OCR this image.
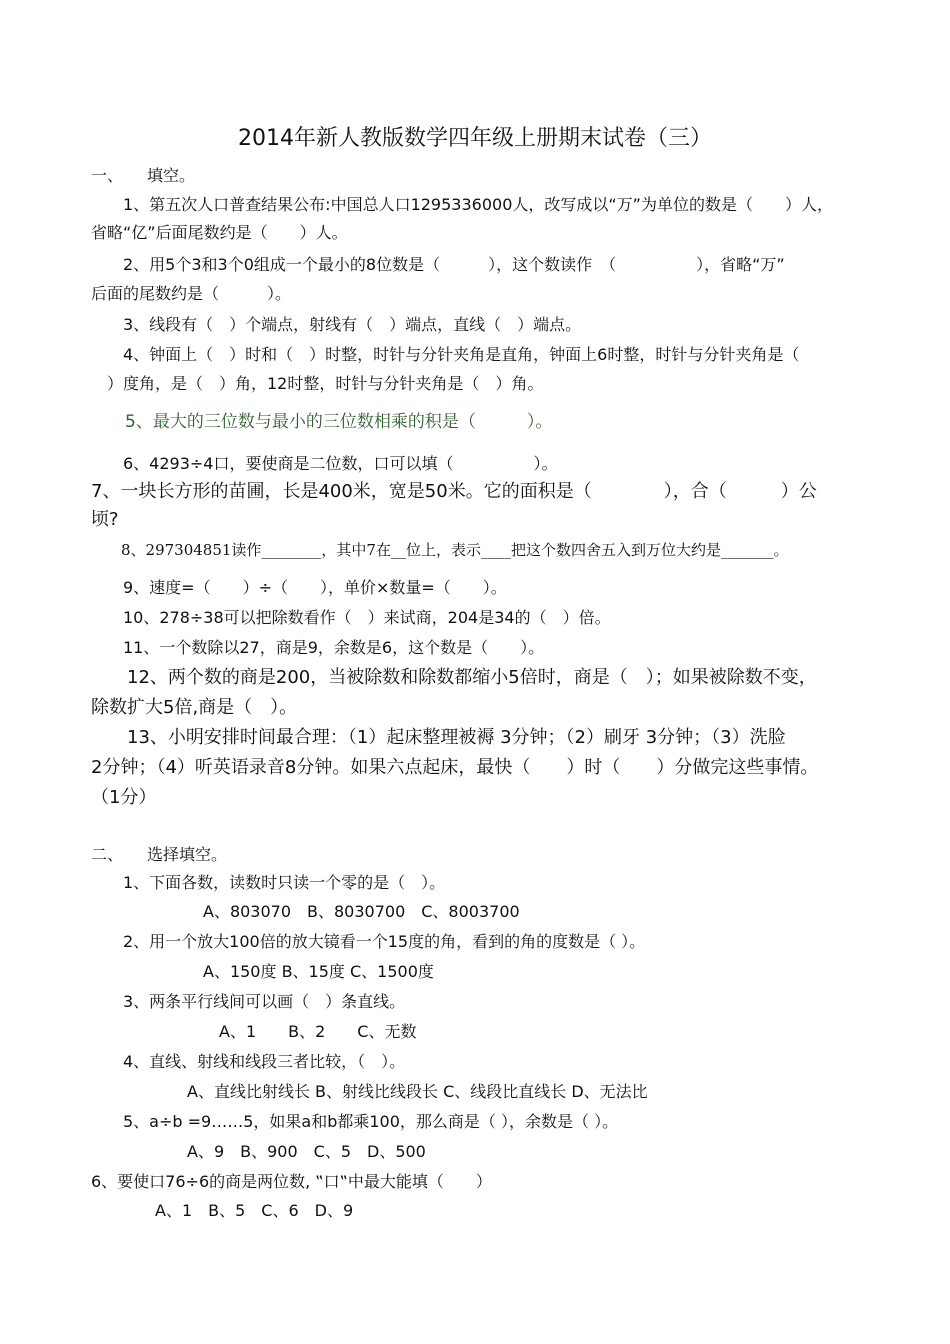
2014年新人教版数学四年级上册期末试卷（三）
一、　　填空。
　　1、第五次人口普查结果公布:中国总人口1295336000人，改写成以“万”为单位的数是（　　）人，
省略“亿”后面尾数约是（　　）人。
　　2、用5个3和3个0组成一个最小的8位数是（　　　），这个数读作　（　　　　　），省略“万”
后面的尾数约是（　　　）。
　　3、线段有（　）个端点，射线有（　）端点，直线（　）端点。
　　4、钟面上（　）时和（　）时整，时针与分针夹角是直角，钟面上6时整，时针与分针夹角是（
　）度角，是（　）角，12时整，时针与分针夹角是（　）角。
　　5、最大的三位数与最小的三位数相乘的积是（　　　）。
　　6、4293÷4口，要使商是二位数，口可以填（　　　　　）。
7、一块长方形的苗圃，长是400米，宽是50米。它的面积是（　　　　），合（　　　）公
顷?
　　8、297304851读作________，其中7在__位上，表示____把这个数四舍五入到万位大约是_______。
　　9、速度=（　　）÷（　　），单价×数量=（　　）。
　　10、278÷38可以把除数看作（　）来试商，204是34的（　）倍。
　　11、一个数除以27，商是9，余数是6，这个数是（　　）。
　　12、两个数的商是200，当被除数和除数都缩小5倍时，商是（　）；如果被除数不变，
除数扩大5倍,商是（　）。
　　13、小明安排时间最合理：（1）起床整理被褥 3分钟；（2）刷牙 3分钟；（3）洗脸
2分钟；（4）听英语录音8分钟。如果六点起床，最快（　　）时（　　）分做完这些事情。
（1分）
二、　　选择填空。
　　1、下面各数，读数时只读一个零的是（　）。
　　　　　　　A、803070　B、8030700　C、8003700
　　2、用一个放大100倍的放大镜看一个15度的角，看到的角的度数是（ ）。
　　　　　　　A、150度 B、15度 C、1500度
　　3、两条平行线间可以画（　）条直线。
　　　　　　　　A、1　　B、2　　C、无数
　　4、直线、射线和线段三者比较，（　）。
　　　　　　A、直线比射线长 B、射线比线段长 C、线段比直线长 D、无法比
　　5、a÷b =9……5，如果a和b都乘100，那么商是（ ），余数是（ ）。
　　　　　　A、9　B、900　C、5　D、500
6、要使口76÷6的商是两位数, ‟口‟中最大能填（　　）
　　　　A、1　B、5　C、6　D、9
